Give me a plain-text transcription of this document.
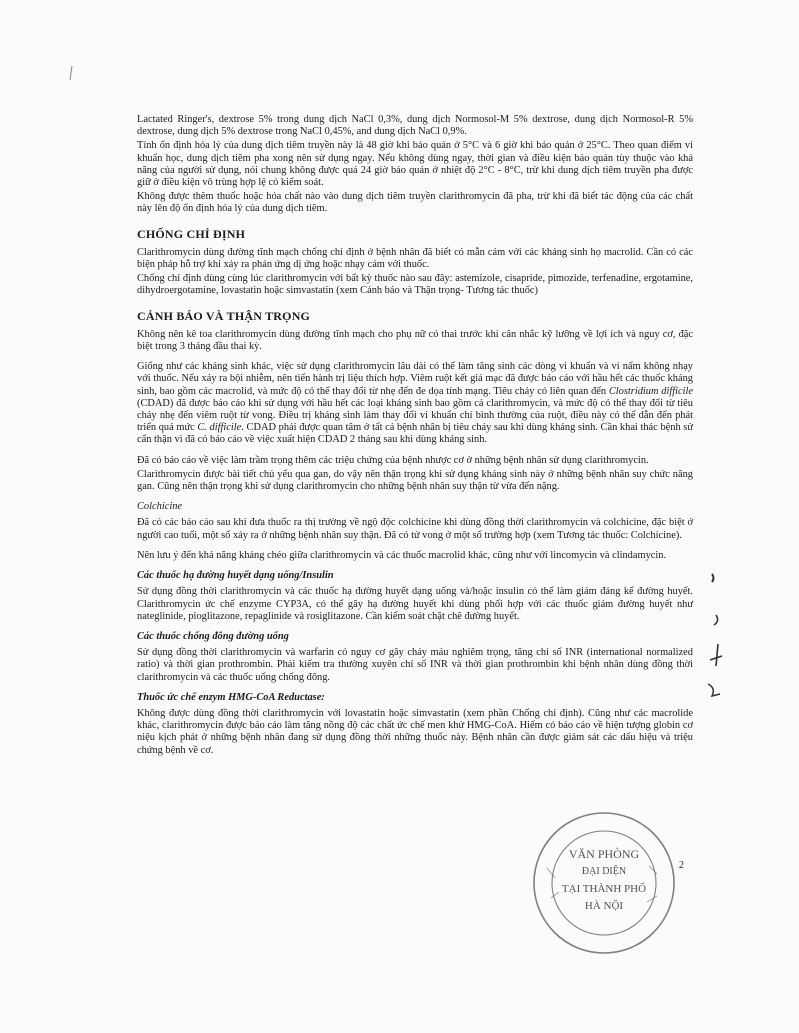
Lactated Ringer's, dextrose 5% trong dung dịch NaCl 0,3%, dung dịch Normosol-M 5% dextrose, dung dịch Normosol-R 5% dextrose, dung dịch 5% dextrose trong NaCl 0,45%, and dung dịch NaCl 0,9%.

Tính ổn định hóa lý của dung dịch tiêm truyền này là 48 giờ khi bảo quản ở 5°C và 6 giờ khi bảo quản ở 25°C. Theo quan điểm vi khuẩn học, dung dịch tiêm pha xong nên sử dụng ngay. Nếu không dùng ngay, thời gian và điều kiện bảo quản tùy thuộc vào khả năng của người sử dụng, nói chung không được quá 24 giờ bảo quản ở nhiệt độ 2°C - 8°C, trừ khi dung dịch tiêm truyền pha được giữ ở điều kiện vô trùng hợp lệ có kiểm soát.

Không được thêm thuốc hoặc hóa chất nào vào dung dịch tiêm truyền clarithromycin đã pha, trừ khi đã biết tác động của các chất này lên độ ổn định hóa lý của dung dịch tiêm.

CHỐNG CHỈ ĐỊNH

Clarithromycin dùng đường tĩnh mạch chống chỉ định ở bệnh nhân đã biết có mẫn cảm với các kháng sinh họ macrolid. Cần có các biện pháp hỗ trợ khi xảy ra phản ứng dị ứng hoặc nhạy cảm với thuốc.

Chống chỉ định dùng cùng lúc clarithromycin với bất kỳ thuốc nào sau đây: astemizole, cisapride, pimozide, terfenadine, ergotamine, dihydroergotamine, lovastatin hoặc simvastatin (xem Cảnh báo và Thận trọng- Tương tác thuốc)

CẢNH BÁO VÀ THẬN TRỌNG

Không nên kê toa clarithromycin dùng đường tĩnh mạch cho phụ nữ có thai trước khi cân nhắc kỹ lưỡng về lợi ích và nguy cơ, đặc biệt trong 3 tháng đầu thai kỳ.

Giống như các kháng sinh khác, việc sử dụng clarithromycin lâu dài có thể làm tăng sinh các dòng vi khuẩn và vi nấm không nhạy với thuốc. Nếu xảy ra bội nhiễm, nên tiến hành trị liệu thích hợp. Viêm ruột kết giả mạc đã được báo cáo với hầu hết các thuốc kháng sinh, bao gồm các macrolid, và mức độ có thể thay đổi từ nhẹ đến đe dọa tính mạng. Tiêu chảy có liên quan đến Clostridium difficile (CDAD) đã được báo cáo khi sử dụng với hầu hết các loại kháng sinh bao gồm cả clarithromycin, và mức độ có thể thay đổi từ tiêu chảy nhẹ đến viêm ruột từ vong. Điều trị kháng sinh làm thay đổi vi khuẩn chí bình thường của ruột, điều này có thể dẫn đến phát triển quá mức C. difficile. CDAD phải được quan tâm ở tất cả bệnh nhân bị tiêu chảy sau khi dùng kháng sinh. Cần khai thác bệnh sử cẩn thận vì đã có báo cáo về việc xuất hiện CDAD 2 tháng sau khi dùng kháng sinh.

Đã có báo cáo về việc làm trầm trọng thêm các triệu chứng của bệnh nhược cơ ở những bệnh nhân sử dụng clarithromycin.

Clarithromycin được bài tiết chủ yếu qua gan, do vậy nên thận trọng khi sử dụng kháng sinh này ở những bệnh nhân suy chức năng gan. Cũng nên thận trọng khi sử dụng clarithromycin cho những bệnh nhân suy thận từ vừa đến nặng.

Colchicine

Đã có các báo cáo sau khi đưa thuốc ra thị trường về ngộ độc colchicine khi dùng đồng thời clarithromycin và colchicine, đặc biệt ở người cao tuổi, một số xảy ra ở những bệnh nhân suy thận. Đã có tử vong ở một số trường hợp (xem Tương tác thuốc: Colchicine).

Nên lưu ý đến khả năng kháng chéo giữa clarithromycin và các thuốc macrolid khác, cũng như với lincomycin và clindamycin.

Các thuốc hạ đường huyết dạng uống/Insulin

Sử dụng đồng thời clarithromycin và các thuốc hạ đường huyết dạng uống và/hoặc insulin có thể làm giảm đáng kể đường huyết. Clarithromycin ức chế enzyme CYP3A, có thể gây hạ đường huyết khi dùng phối hợp với các thuốc giảm đường huyết như nateglinide, pioglitazone, repaglinide và rosiglitazone. Cần kiểm soát chặt chẽ đường huyết.

Các thuốc chống đông đường uống

Sử dụng đồng thời clarithromycin và warfarin có nguy cơ gây chảy máu nghiêm trọng, tăng chỉ số INR (international normalized ratio) và thời gian prothrombin. Phải kiểm tra thường xuyên chỉ số INR và thời gian prothrombin khi bệnh nhân dùng đồng thời clarithromycin và các thuốc uống chống đông.

Thuốc ức chế enzym HMG-CoA Reductase:

Không được dùng đồng thời clarithromycin với lovastatin hoặc simvastatin (xem phần Chống chỉ định). Cũng như các macrolide khác, clarithromycin được báo cáo làm tăng nồng độ các chất ức chế men khử HMG-CoA. Hiếm có báo cáo về hiện tượng globin cơ niệu kịch phát ở những bệnh nhân đang sử dụng đồng thời những thuốc này. Bệnh nhân cần được giám sát các dấu hiệu và triệu chứng bệnh về cơ.

2
VĂN PHÒNG
ĐẠI DIỆN
TẠI THÀNH PHỐ
HÀ NỘI
